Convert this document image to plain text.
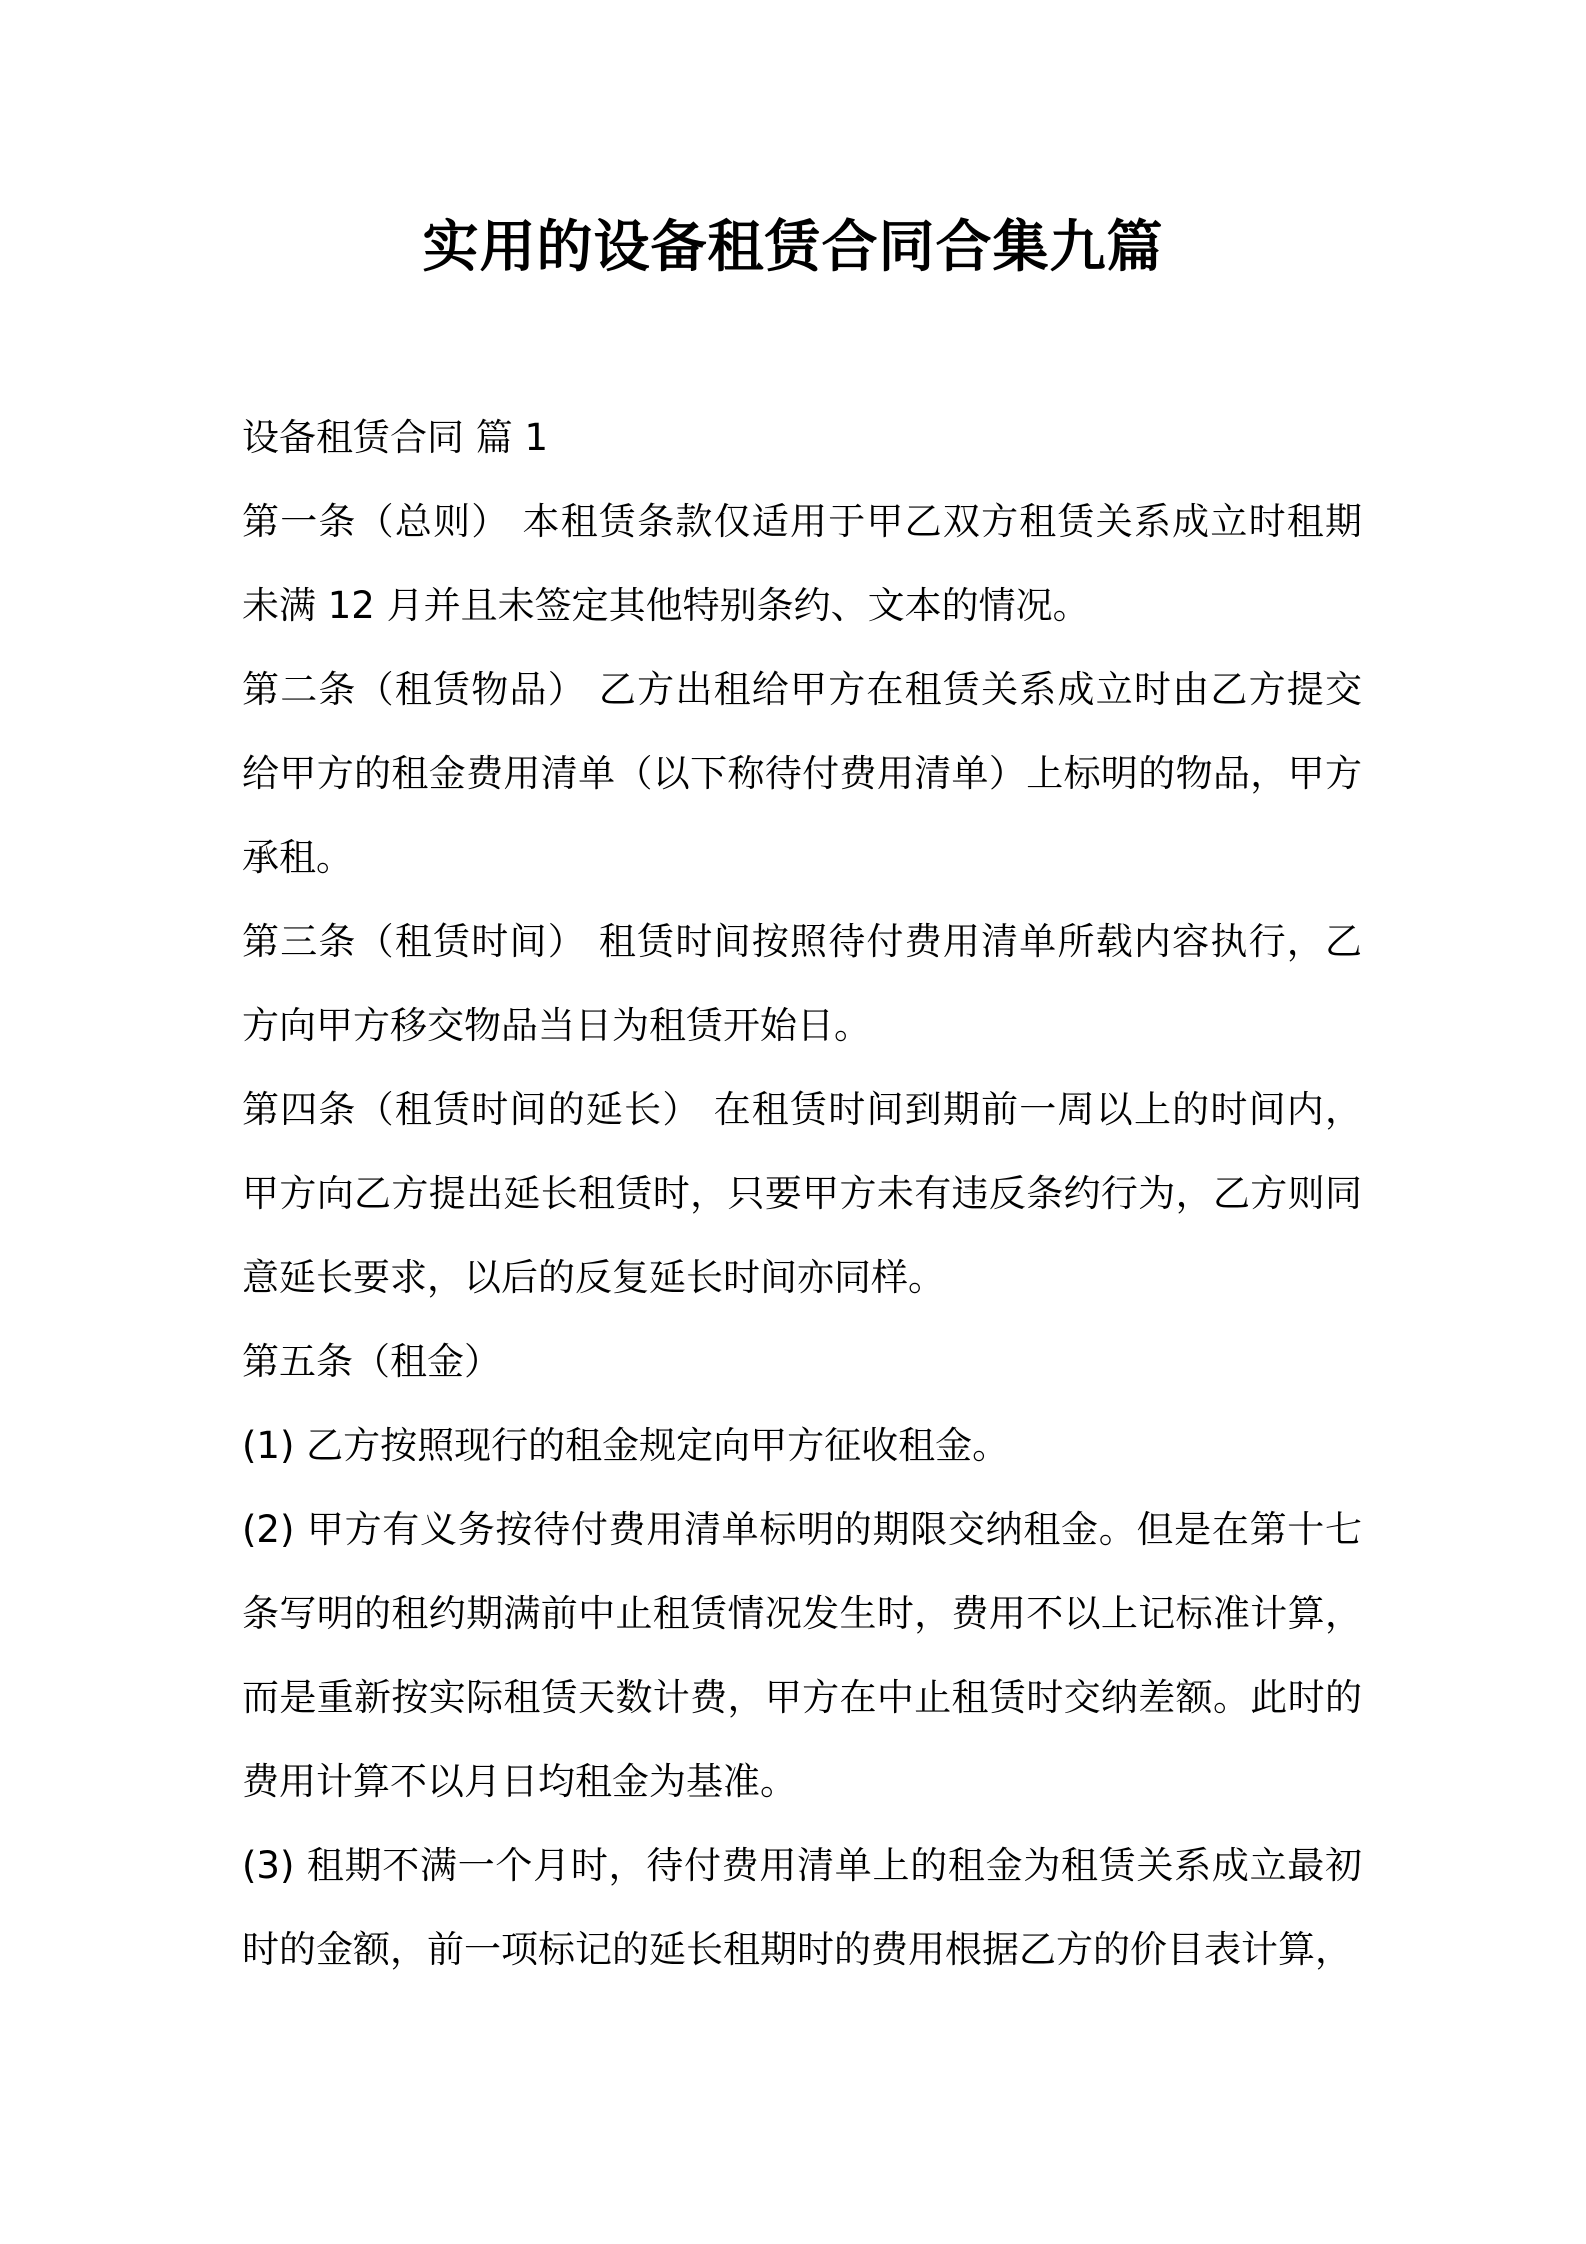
实用的设备租赁合同合集九篇

设备租赁合同 篇 1

第一条（总则） 本租赁条款仅适用于甲乙双方租赁关系成立时租期未满 12 月并且未签定其他特别条约、文本的情况。

第二条（租赁物品） 乙方出租给甲方在租赁关系成立时由乙方提交给甲方的租金费用清单（以下称待付费用清单）上标明的物品，甲方承租。

第三条（租赁时间） 租赁时间按照待付费用清单所载内容执行，乙方向甲方移交物品当日为租赁开始日。

第四条（租赁时间的延长） 在租赁时间到期前一周以上的时间内，甲方向乙方提出延长租赁时，只要甲方未有违反条约行为，乙方则同意延长要求，以后的反复延长时间亦同样。

第五条（租金）

(1) 乙方按照现行的租金规定向甲方征收租金。

(2) 甲方有义务按待付费用清单标明的期限交纳租金。但是在第十七条写明的租约期满前中止租赁情况发生时，费用不以上记标准计算，而是重新按实际租赁天数计费，甲方在中止租赁时交纳差额。此时的费用计算不以月日均租金为基准。

(3) 租期不满一个月时，待付费用清单上的租金为租赁关系成立最初时的金额，前一项标记的延长租期时的费用根据乙方的价目表计算，
